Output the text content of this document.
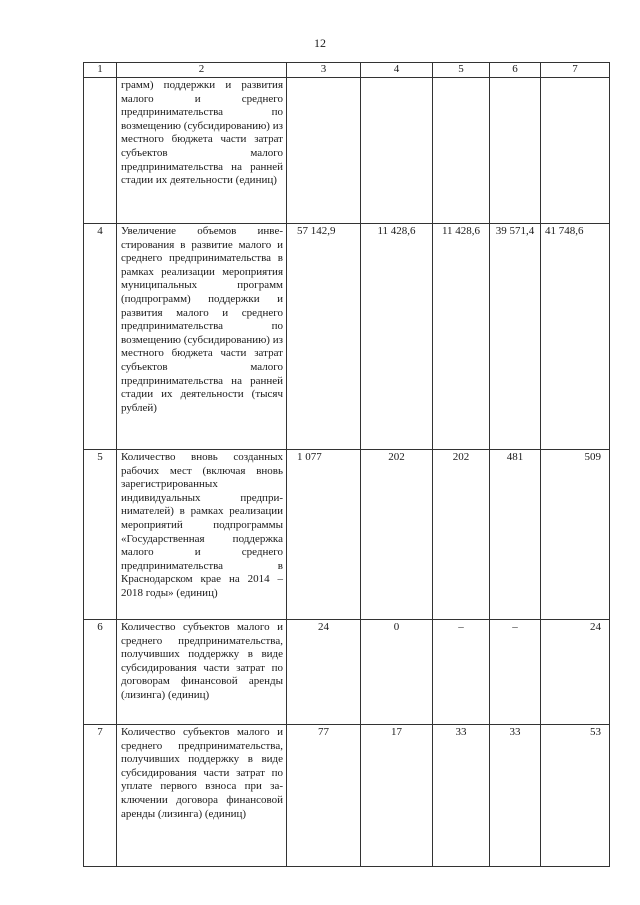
12
1	2	3	4	5	6	7
	грамм) поддержки и развития малого и среднего предпринимательства по возмещению (субсидированию) из местного бюджета части затрат субъектов малого предпринимательства на ранней стадии их деятельности (единиц)					
4	Увеличение объемов инвестирования в развитие малого и среднего предпринимательства в рамках реализации мероприятия муниципальных программ (подпрограмм) поддержки и развития малого и среднего предпринимательства по возмещению (субсидированию) из местного бюджета части затрат субъектов малого предпринимательства на ранней стадии их деятельности (тысяч рублей)	57 142,9	11 428,6	11 428,6	39 571,4	41 748,6
5	Количество вновь созданных рабочих мест (включая вновь зарегистрированных индивидуальных предпринимателей) в рамках реализации мероприятий подпрограммы «Государственная поддержка малого и среднего предпринимательства в Краснодарском крае на 2014 – 2018 годы» (единиц)	1 077	202	202	481	509
6	Количество субъектов малого и среднего предпринимательства, получивших поддержку в виде субсидирования части затрат по договорам финансовой аренды (лизинга) (единиц)	24	0	–	–	24
7	Количество субъектов малого и среднего предпринимательства, получивших поддержку в виде субсидирования части затрат по уплате первого взноса при заключении договора финансовой аренды (лизинга) (единиц)	77	17	33	33	53
